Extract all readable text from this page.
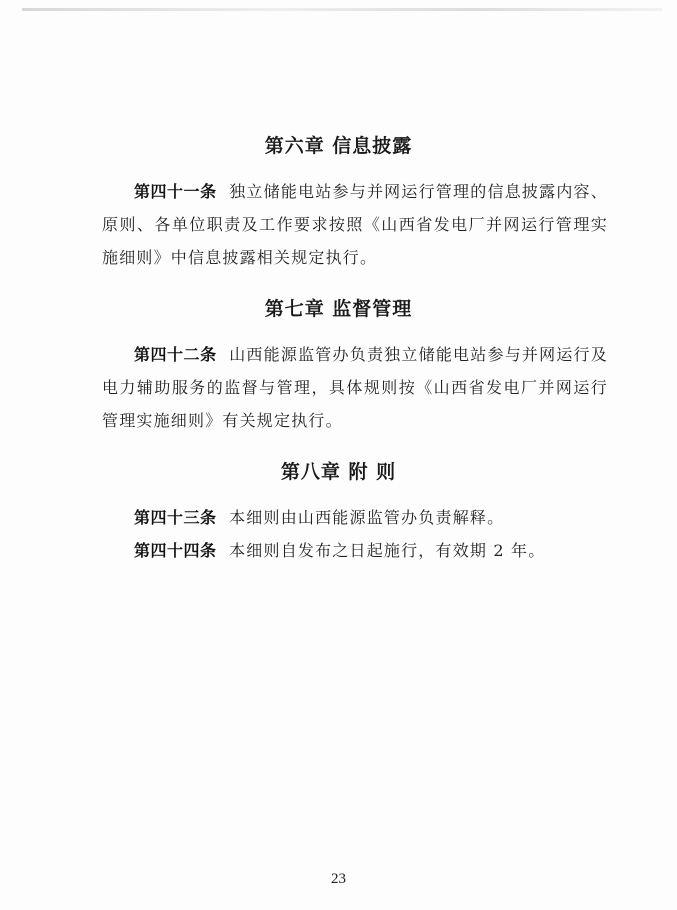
第六章 信息披露
第四十一条 独立储能电站参与并网运行管理的信息披露内容、原则、各单位职责及工作要求按照《山西省发电厂并网运行管理实施细则》中信息披露相关规定执行。
第七章 监督管理
第四十二条 山西能源监管办负责独立储能电站参与并网运行及电力辅助服务的监督与管理，具体规则按《山西省发电厂并网运行管理实施细则》有关规定执行。
第八章 附 则
第四十三条 本细则由山西能源监管办负责解释。
第四十四条 本细则自发布之日起施行，有效期 2 年。
23
